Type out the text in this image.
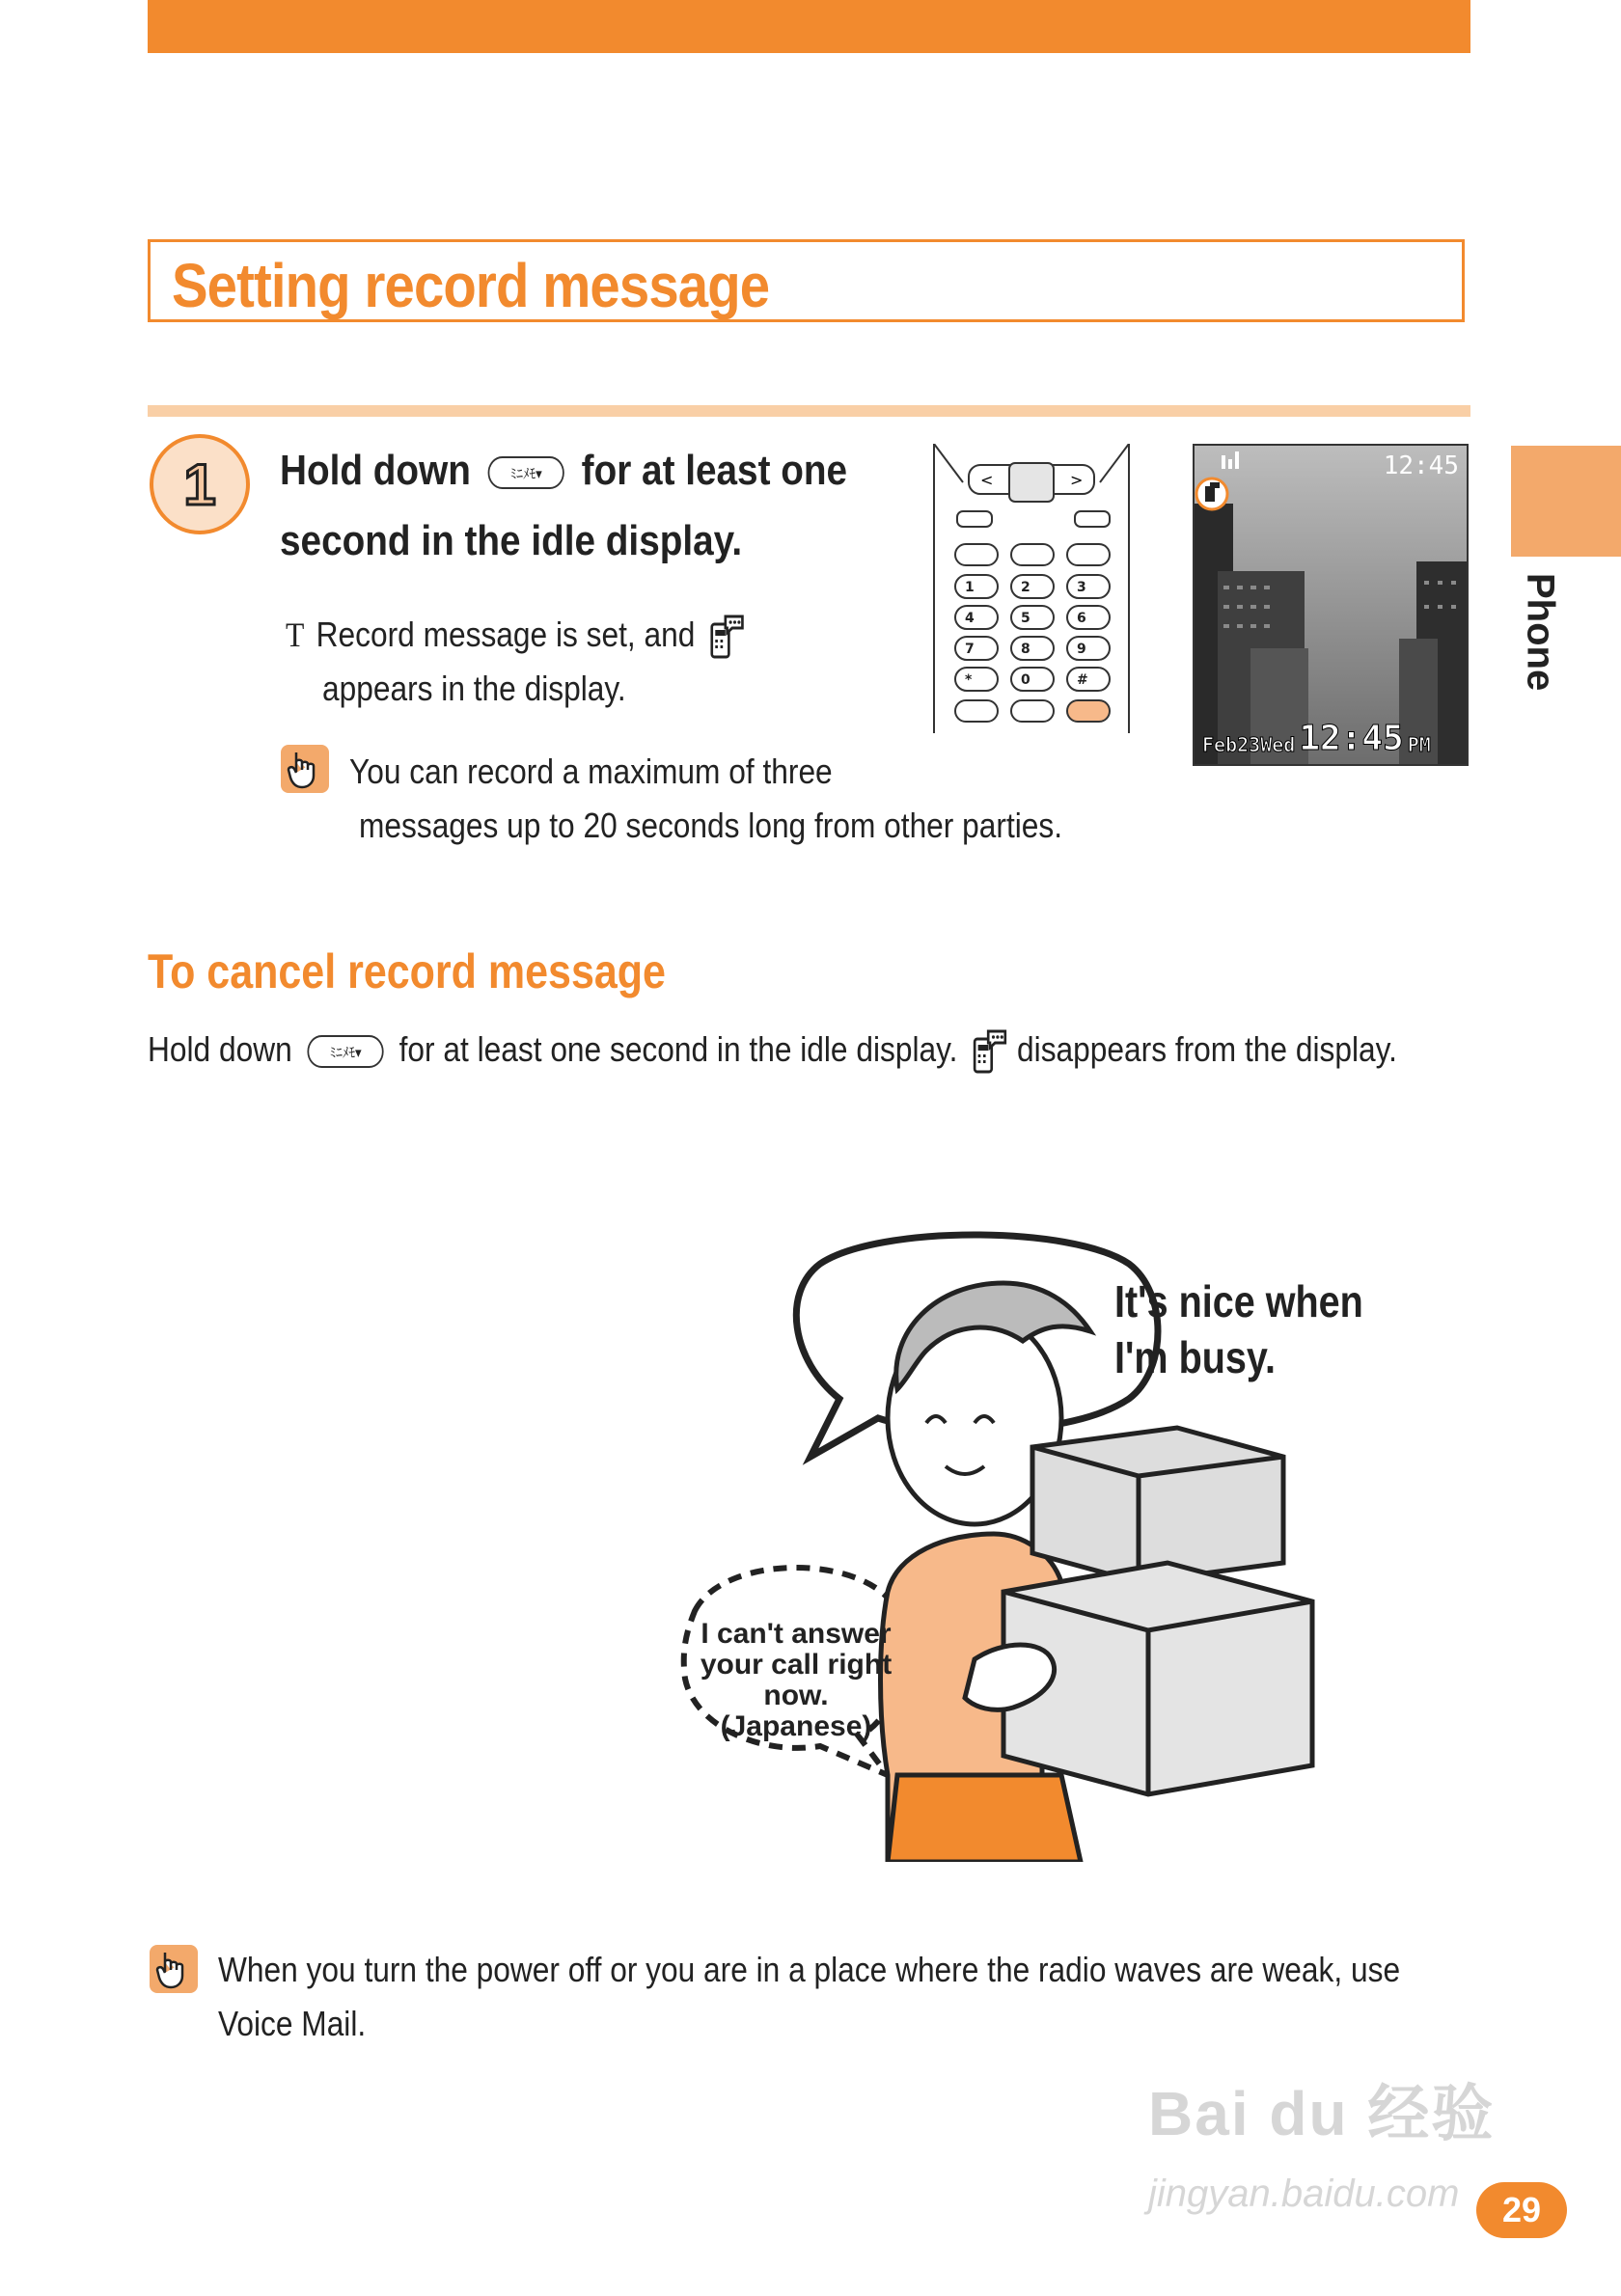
Setting record message
Phone
1 Hold down	ﾐﾆﾒﾓ▾ for at least one
second in the idle display.
T Record message is set, and
appears in the display.
You can record a maximum of three
messages up to 20 seconds long from other parties.
<	>
1	2	3
4	5	6
7	8	9
*	0	#
12:45
Feb23Wed 12:45 PM
To cancel record message
Hold down	ﾐﾆﾒﾓ▾ for at least one second in the idle display. disappears from the display.
It's nice when
I'm busy.
I can't answer
your call right
now.
(Japanese)
When you turn the power off or you are in a place where the radio waves are weak, use
Voice Mail.
Bai du 经验
jingyan.baidu.com	29
